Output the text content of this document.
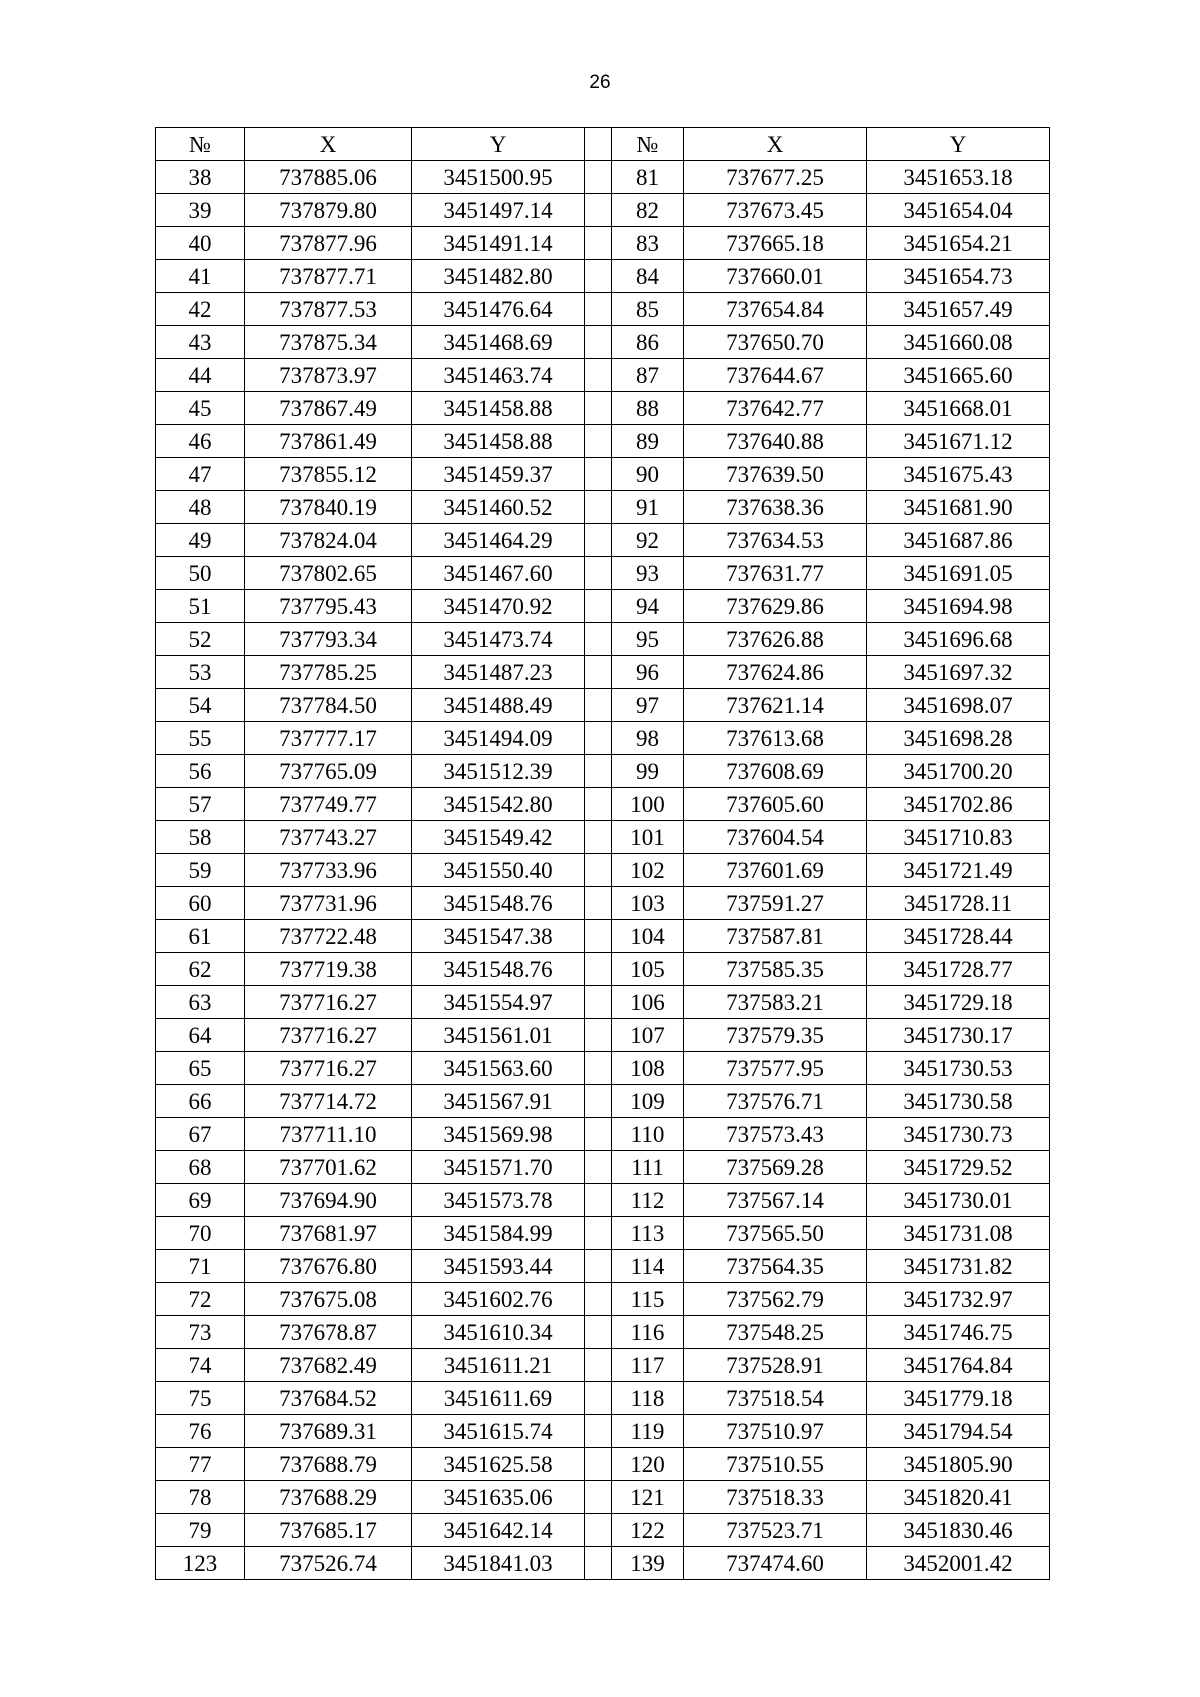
26
№	X	Y		№	X	Y
38	737885.06	3451500.95		81	737677.25	3451653.18
39	737879.80	3451497.14		82	737673.45	3451654.04
40	737877.96	3451491.14		83	737665.18	3451654.21
41	737877.71	3451482.80		84	737660.01	3451654.73
42	737877.53	3451476.64		85	737654.84	3451657.49
43	737875.34	3451468.69		86	737650.70	3451660.08
44	737873.97	3451463.74		87	737644.67	3451665.60
45	737867.49	3451458.88		88	737642.77	3451668.01
46	737861.49	3451458.88		89	737640.88	3451671.12
47	737855.12	3451459.37		90	737639.50	3451675.43
48	737840.19	3451460.52		91	737638.36	3451681.90
49	737824.04	3451464.29		92	737634.53	3451687.86
50	737802.65	3451467.60		93	737631.77	3451691.05
51	737795.43	3451470.92		94	737629.86	3451694.98
52	737793.34	3451473.74		95	737626.88	3451696.68
53	737785.25	3451487.23		96	737624.86	3451697.32
54	737784.50	3451488.49		97	737621.14	3451698.07
55	737777.17	3451494.09		98	737613.68	3451698.28
56	737765.09	3451512.39		99	737608.69	3451700.20
57	737749.77	3451542.80		100	737605.60	3451702.86
58	737743.27	3451549.42		101	737604.54	3451710.83
59	737733.96	3451550.40		102	737601.69	3451721.49
60	737731.96	3451548.76		103	737591.27	3451728.11
61	737722.48	3451547.38		104	737587.81	3451728.44
62	737719.38	3451548.76		105	737585.35	3451728.77
63	737716.27	3451554.97		106	737583.21	3451729.18
64	737716.27	3451561.01		107	737579.35	3451730.17
65	737716.27	3451563.60		108	737577.95	3451730.53
66	737714.72	3451567.91		109	737576.71	3451730.58
67	737711.10	3451569.98		110	737573.43	3451730.73
68	737701.62	3451571.70		111	737569.28	3451729.52
69	737694.90	3451573.78		112	737567.14	3451730.01
70	737681.97	3451584.99		113	737565.50	3451731.08
71	737676.80	3451593.44		114	737564.35	3451731.82
72	737675.08	3451602.76		115	737562.79	3451732.97
73	737678.87	3451610.34		116	737548.25	3451746.75
74	737682.49	3451611.21		117	737528.91	3451764.84
75	737684.52	3451611.69		118	737518.54	3451779.18
76	737689.31	3451615.74		119	737510.97	3451794.54
77	737688.79	3451625.58		120	737510.55	3451805.90
78	737688.29	3451635.06		121	737518.33	3451820.41
79	737685.17	3451642.14		122	737523.71	3451830.46
123	737526.74	3451841.03		139	737474.60	3452001.42
